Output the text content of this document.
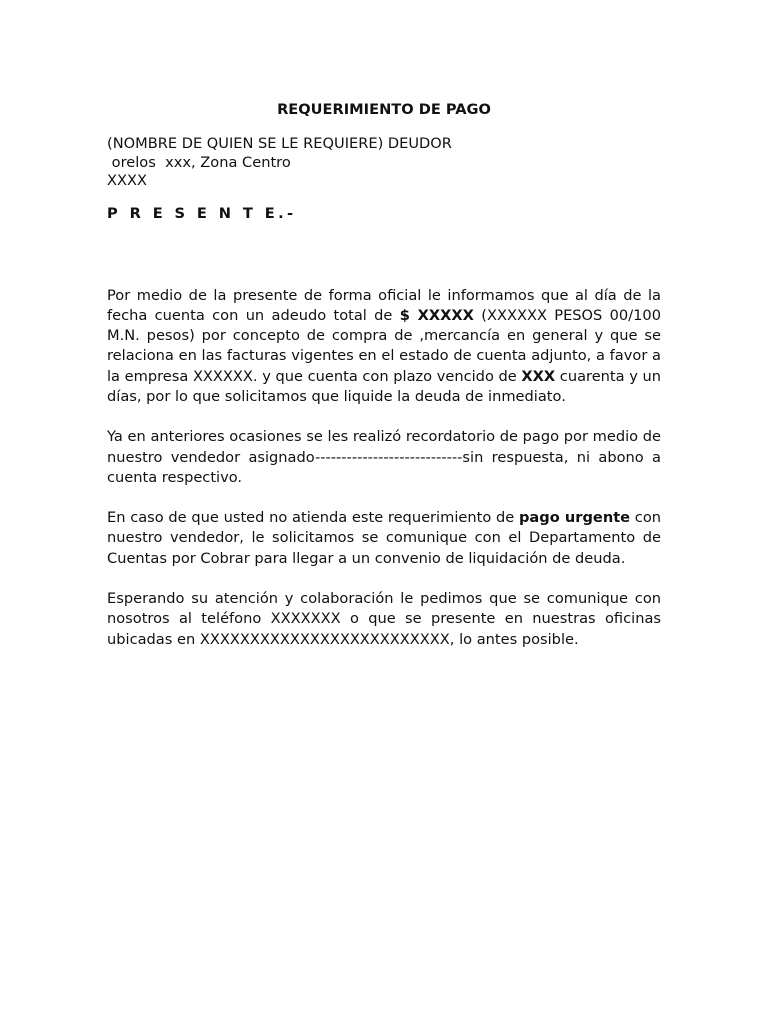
REQUERIMIENTO DE PAGO
(NOMBRE DE QUIEN SE LE REQUIERE) DEUDOR
orelos  xxx, Zona Centro
XXXX
P R E S E N T E.-

Por medio de la presente de forma oficial le informamos que al día de la fecha cuenta con un adeudo total de $ XXXXX (XXXXXX PESOS 00/100 M.N. pesos) por concepto de compra de ,mercancía en general y que se relaciona en las facturas vigentes en el estado de cuenta adjunto, a favor a la empresa XXXXXX. y que cuenta con plazo vencido de XXX cuarenta y un días, por lo que solicitamos que liquide la deuda de inmediato.

Ya en anteriores ocasiones se les realizó recordatorio de pago por medio de nuestro vendedor asignado----------------------------sin respuesta, ni abono a cuenta respectivo.

En caso de que usted no atienda este requerimiento de pago urgente con nuestro vendedor, le solicitamos se comunique con el Departamento de Cuentas por Cobrar para llegar a un convenio de liquidación de deuda.

Esperando su atención y colaboración le pedimos que se comunique con nosotros al teléfono XXXXXXX o que se presente en nuestras oficinas ubicadas en XXXXXXXXXXXXXXXXXXXXXXXXX, lo antes posible.
